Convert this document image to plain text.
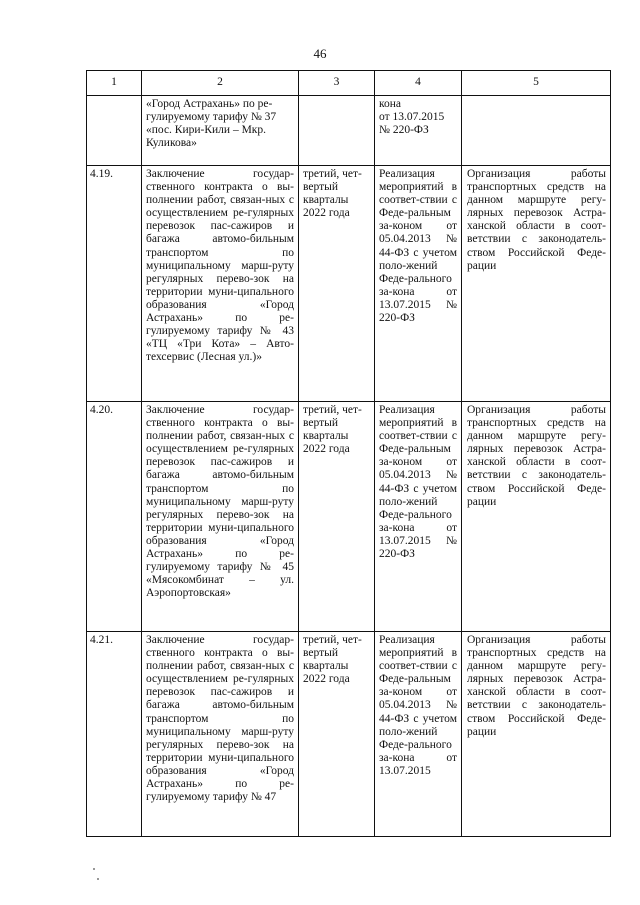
46
1	2	3	4	5
	«Город Астрахань» по ре-
гулируемому тарифу № 37
«пос. Кири-Кили – Мкр.
Куликова»		кона
от 13.07.2015
№ 220-ФЗ	
4.19.	Заключение государ-ственного контракта о вы-полнении работ, связан-ных с осуществлением ре-гулярных перевозок пас-сажиров и багажа автомо-бильным транспортом по муниципальному марш-руту регулярных перево-зок на территории муни-ципального образования «Город Астрахань» по ре-гулируемому тарифу № 43 «ТЦ «Три Кота» – Авто-техсервис (Лесная ул.)»	третий, чет-вертый кварталы 2022 года	Реализация мероприятий в соответ-ствии с Феде-ральным за-коном от 05.04.2013 № 44-ФЗ с учетом поло-жений Феде-рального за-кона от 13.07.2015 № 220-ФЗ	Организация работы транспортных средств на данном маршруте регу-лярных перевозок Астра-ханской области в соот-ветствии с законодатель-ством Российской Феде-рации
4.20.	Заключение государ-ственного контракта о вы-полнении работ, связан-ных с осуществлением ре-гулярных перевозок пас-сажиров и багажа автомо-бильным транспортом по муниципальному марш-руту регулярных перево-зок на территории муни-ципального образования «Город Астрахань» по ре-гулируемому тарифу № 45 «Мясокомбинат – ул. Аэропортовская»	третий, чет-вертый кварталы 2022 года	Реализация мероприятий в соответ-ствии с Феде-ральным за-коном от 05.04.2013 № 44-ФЗ с учетом поло-жений Феде-рального за-кона от 13.07.2015 № 220-ФЗ	Организация работы транспортных средств на данном маршруте регу-лярных перевозок Астра-ханской области в соот-ветствии с законодатель-ством Российской Феде-рации
4.21.	Заключение государ-ственного контракта о вы-полнении работ, связан-ных с осуществлением ре-гулярных перевозок пас-сажиров и багажа автомо-бильным транспортом по муниципальному марш-руту регулярных перево-зок на территории муни-ципального образования «Город Астрахань» по ре-гулируемому тарифу № 47	третий, чет-вертый кварталы 2022 года	Реализация мероприятий в соответ-ствии с Феде-ральным за-коном от 05.04.2013 № 44-ФЗ с учетом поло-жений Феде-рального за-кона от 13.07.2015	Организация работы транспортных средств на данном маршруте регу-лярных перевозок Астра-ханской области в соот-ветствии с законодатель-ством Российской Феде-рации
